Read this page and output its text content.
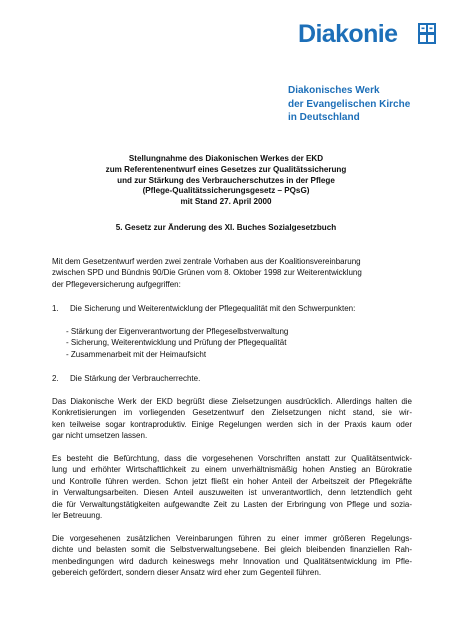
Diakonie
Diakonisches Werk
der Evangelischen Kirche
in Deutschland
Stellungnahme des Diakonischen Werkes der EKD
zum Referentenentwurf eines Gesetzes zur Qualitätssicherung
und zur Stärkung des Verbraucherschutzes in der Pflege
(Pflege-Qualitätssicherungsgesetz – PQsG)
mit Stand 27. April 2000
5. Gesetz zur Änderung des XI. Buches Sozialgesetzbuch
Mit dem Gesetzentwurf werden zwei zentrale Vorhaben aus der Koalitionsvereinbarung
zwischen SPD und Bündnis 90/Die Grünen vom 8. Oktober 1998 zur Weiterentwicklung
der Pflegeversicherung aufgegriffen:
1. Die Sicherung und Weiterentwicklung der Pflegequalität mit den Schwerpunkten:
- Stärkung der Eigenverantwortung der Pflegeselbstverwaltung
- Sicherung, Weiterentwicklung und Prüfung der Pflegequalität
- Zusammenarbeit mit der Heimaufsicht
2. Die Stärkung der Verbraucherrechte.
Das Diakonische Werk der EKD begrüßt diese Zielsetzungen ausdrücklich. Allerdings halten die
Konkretisierungen im vorliegenden Gesetzentwurf den Zielsetzungen nicht stand, sie wir-
ken teilweise sogar kontraproduktiv. Einige Regelungen werden sich in der Praxis kaum oder
gar nicht umsetzen lassen.
Es besteht die Befürchtung, dass die vorgesehenen Vorschriften anstatt zur Qualitätsentwick-
lung und erhöhter Wirtschaftlichkeit zu einem unverhältnismäßig hohen Anstieg an Bürokratie
und Kontrolle führen werden. Schon jetzt fließt ein hoher Anteil der Arbeitszeit der Pflegekräfte
in Verwaltungsarbeiten. Diesen Anteil auszuweiten ist unverantwortlich, denn letztendlich geht
die für Verwaltungstätigkeiten aufgewandte Zeit zu Lasten der Erbringung von Pflege und sozia-
ler Betreuung.
Die vorgesehenen zusätzlichen Vereinbarungen führen zu einer immer größeren Regelungs-
dichte und belasten somit die Selbstverwaltungsebene. Bei gleich bleibenden finanziellen Rah-
menbedingungen wird dadurch keineswegs mehr Innovation und Qualitätsentwicklung im Pfle-
gebereich gefördert, sondern dieser Ansatz wird eher zum Gegenteil führen.
